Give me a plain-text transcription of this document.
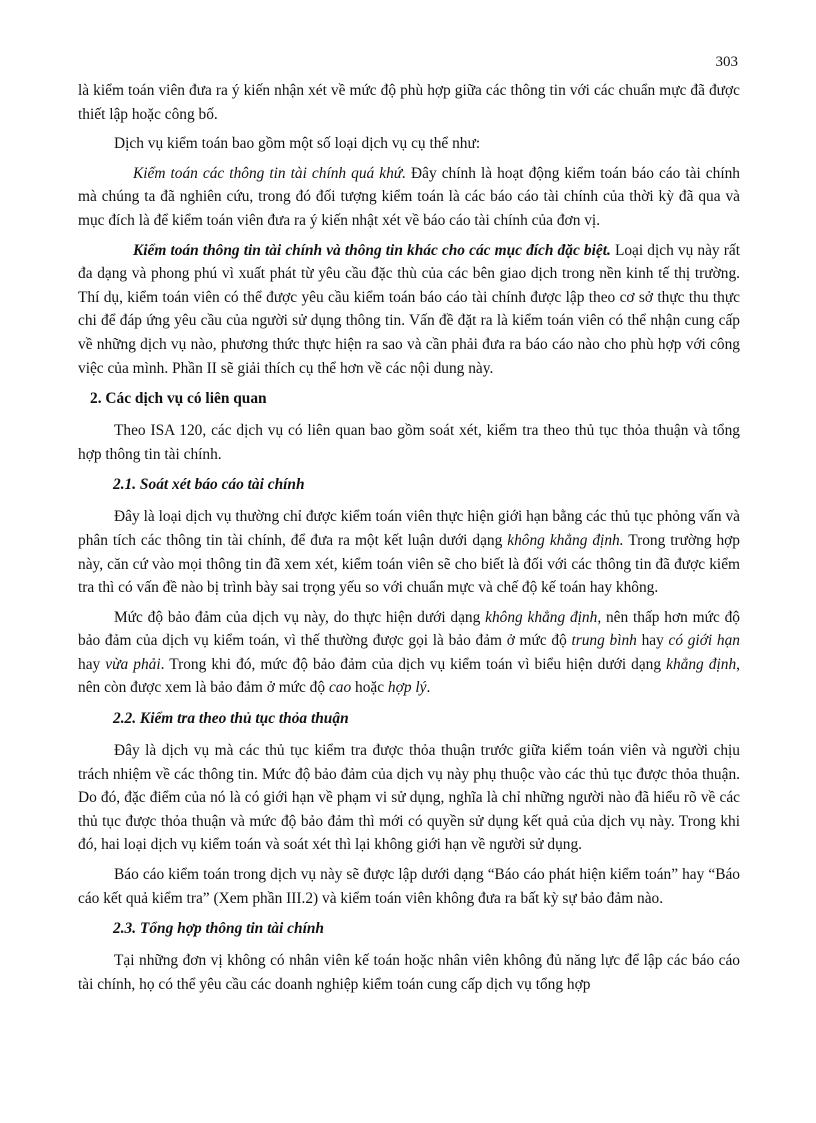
303

là kiểm toán viên đưa ra ý kiến nhận xét về mức độ phù hợp giữa các thông tin với các chuẩn mực đã được thiết lập hoặc công bố.

Dịch vụ kiểm toán bao gồm một số loại dịch vụ cụ thể như:

Kiểm toán các thông tin tài chính quá khứ. Đây chính là hoạt động kiểm toán báo cáo tài chính mà chúng ta đã nghiên cứu, trong đó đối tượng kiểm toán là các báo cáo tài chính của thời kỳ đã qua và mục đích là để kiểm toán viên đưa ra ý kiến nhật xét về báo cáo tài chính của đơn vị.

Kiểm toán thông tin tài chính và thông tin khác cho các mục đích đặc biệt. Loại dịch vụ này rất đa dạng và phong phú vì xuất phát từ yêu cầu đặc thù của các bên giao dịch trong nền kinh tế thị trường. Thí dụ, kiểm toán viên có thể được yêu cầu kiểm toán báo cáo tài chính được lập theo cơ sở thực thu thực chi để đáp ứng yêu cầu của người sử dụng thông tin. Vấn đề đặt ra là kiểm toán viên có thể nhận cung cấp về những dịch vụ nào, phương thức thực hiện ra sao và cần phải đưa ra báo cáo nào cho phù hợp với công việc của mình. Phần II sẽ giải thích cụ thể hơn về các nội dung này.

2. Các dịch vụ có liên quan

Theo ISA 120, các dịch vụ có liên quan bao gồm soát xét, kiểm tra theo thủ tục thỏa thuận và tổng hợp thông tin tài chính.

2.1. Soát xét báo cáo tài chính

Đây là loại dịch vụ thường chỉ được kiểm toán viên thực hiện giới hạn bằng các thủ tục phỏng vấn và phân tích các thông tin tài chính, để đưa ra một kết luận dưới dạng không khẳng định. Trong trường hợp này, căn cứ vào mọi thông tin đã xem xét, kiểm toán viên sẽ cho biết là đối với các thông tin đã được kiểm tra thì có vấn đề nào bị trình bày sai trọng yếu so với chuẩn mực và chế độ kế toán hay không.

Mức độ bảo đảm của dịch vụ này, do thực hiện dưới dạng không khẳng định, nên thấp hơn mức độ bảo đảm của dịch vụ kiểm toán, vì thế thường được gọi là bảo đảm ở mức độ trung bình hay có giới hạn hay vừa phải. Trong khi đó, mức độ bảo đảm của dịch vụ kiểm toán vì biểu hiện dưới dạng khẳng định, nên còn được xem là bảo đảm ở mức độ cao hoặc hợp lý.

2.2. Kiểm tra theo thủ tục thỏa thuận

Đây là dịch vụ mà các thủ tục kiểm tra được thỏa thuận trước giữa kiểm toán viên và người chịu trách nhiệm về các thông tin. Mức độ bảo đảm của dịch vụ này phụ thuộc vào các thủ tục được thỏa thuận. Do đó, đặc điểm của nó là có giới hạn về phạm vi sử dụng, nghĩa là chỉ những người nào đã hiểu rõ về các thủ tục được thỏa thuận và mức độ bảo đảm thì mới có quyền sử dụng kết quả của dịch vụ này. Trong khi đó, hai loại dịch vụ kiểm toán và soát xét thì lại không giới hạn về người sử dụng.

Báo cáo kiểm toán trong dịch vụ này sẽ được lập dưới dạng “Báo cáo phát hiện kiểm toán” hay “Báo cáo kết quả kiểm tra” (Xem phần III.2) và kiểm toán viên không đưa ra bất kỳ sự bảo đảm nào.

2.3. Tổng hợp thông tin tài chính

Tại những đơn vị không có nhân viên kế toán hoặc nhân viên không đủ năng lực để lập các báo cáo tài chính, họ có thể yêu cầu các doanh nghiệp kiểm toán cung cấp dịch vụ tổng hợp
